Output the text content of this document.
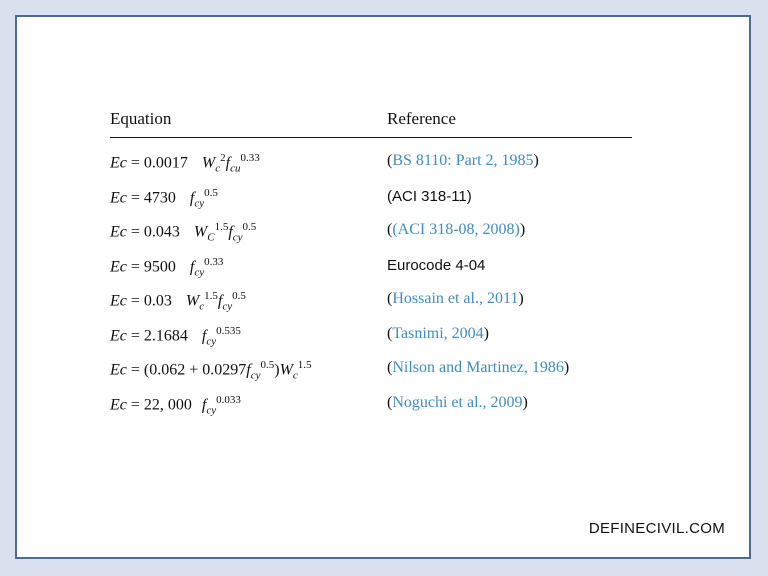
Equation	Reference
Ec = 0.0017 $W_c^2f_{cu}^{0.33}$	(BS 8110: Part 2, 1985)
Ec = 4730 $f_{cy}^{0.5}$	(ACI 318-11)
Ec = 0.043 $W_C^{1.5}f_{cy}^{0.5}$	((ACI 318-08, 2008))
Ec = 9500 $f_{cy}^{0.33}$	Eurocode 4-04
Ec = 0.03 $W_c^{1.5}f_{cy}^{0.5}$	(Hossain et al., 2011)
Ec = 2.1684 $f_{cy}^{0.535}$	(Tasnimi, 2004)
$Ec = (0.062 + 0.0297f_{cy}^{0.5})W_c^{1.5}$	(Nilson and Martinez, 1986)
Ec = 22, 000 $f_{cy}^{0.033}$	(Noguchi et al., 2009)
DEFINECIVIL.COM
